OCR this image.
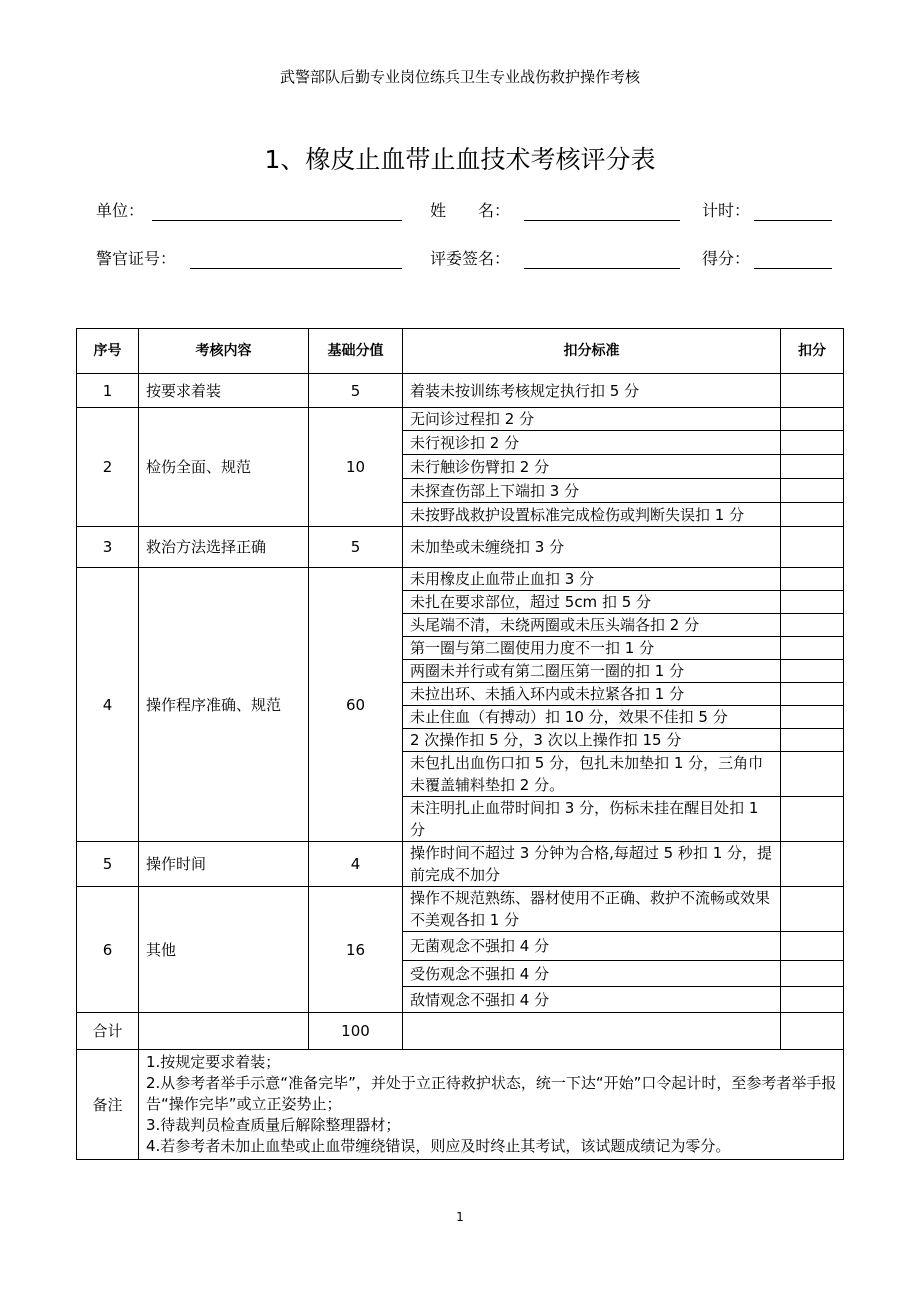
武警部队后勤专业岗位练兵卫生专业战伤救护操作考核
1、橡皮止血带止血技术考核评分表
单位：	姓　　名：	计时：
警官证号：	评委签名：	得分：
序号	考核内容	基础分值	扣分标准	扣分
1	按要求着装	5	着装未按训练考核规定执行扣 5 分	
2	检伤全面、规范	10	无问诊过程扣 2 分	
			未行视诊扣 2 分	
			未行触诊伤臂扣 2 分	
			未探查伤部上下端扣 3 分	
			未按野战救护设置标准完成检伤或判断失误扣 1 分	
3	救治方法选择正确	5	未加垫或未缠绕扣 3 分	
4	操作程序准确、规范	60	未用橡皮止血带止血扣 3 分	
			未扎在要求部位，超过 5cm 扣 5 分	
			头尾端不清，未绕两圈或未压头端各扣 2 分	
			第一圈与第二圈使用力度不一扣 1 分	
			两圈未并行或有第二圈压第一圈的扣 1 分	
			未拉出环、未插入环内或未拉紧各扣 1 分	
			未止住血（有搏动）扣 10 分，效果不佳扣 5 分	
			2 次操作扣 5 分，3 次以上操作扣 15 分	
			未包扎出血伤口扣 5 分，包扎未加垫扣 1 分，三角巾未覆盖辅料垫扣 2 分。	
			未注明扎止血带时间扣 3 分，伤标未挂在醒目处扣 1 分	
5	操作时间	4	操作时间不超过 3 分钟为合格,每超过 5 秒扣 1 分，提前完成不加分	
6	其他	16	操作不规范熟练、器材使用不正确、救护不流畅或效果不美观各扣 1 分	
			无菌观念不强扣 4 分	
			受伤观念不强扣 4 分	
			敌情观念不强扣 4 分	
合计		100		
备注	1.按规定要求着装；
2.从参考者举手示意“准备完毕”，并处于立正待救护状态，统一下达“开始”口令起计时，至参考者举手报告“操作完毕”或立正姿势止；
3.待裁判员检查质量后解除整理器材；
4.若参考者未加止血垫或止血带缠绕错误，则应及时终止其考试，该试题成绩记为零分。			
1
